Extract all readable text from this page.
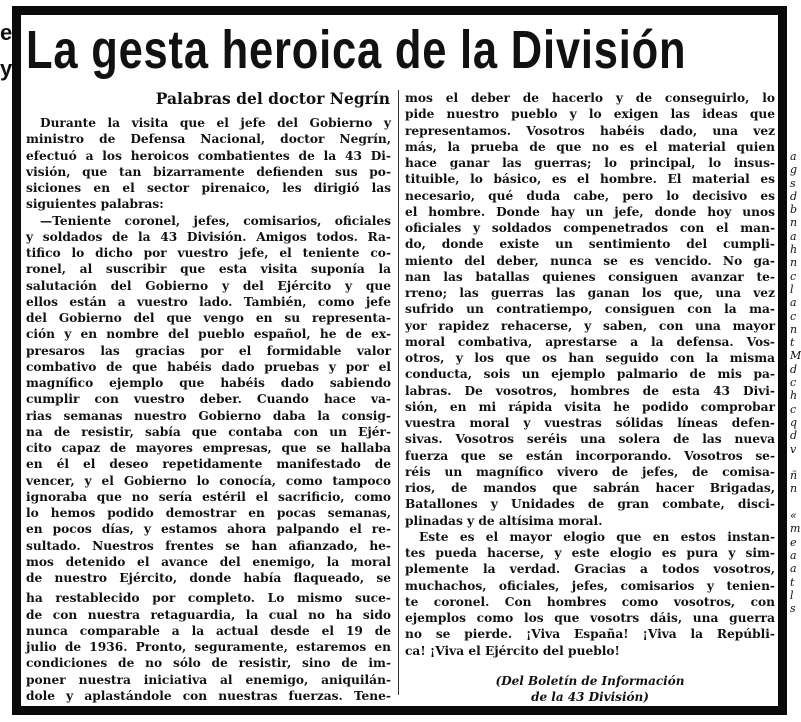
e
y La gesta heroica de la División
Palabras del doctor Negrín
Durante la visita que el jefe del Gobierno y
ministro de Defensa Nacional, doctor Negrín,
efectuó a los heroicos combatientes de la 43 Di-
visión, que tan bizarramente defienden sus po-
siciones en el sector pirenaico, les dirigió las
siguientes palabras:
—Teniente coronel, jefes, comisarios, oficiales
y soldados de la 43 División. Amigos todos. Ra-
tifico lo dicho por vuestro jefe, el teniente co-
ronel, al suscribir que esta visita suponía la
salutación del Gobierno y del Ejército y que
ellos están a vuestro lado. También, como jefe
del Gobierno del que vengo en su representa-
ción y en nombre del pueblo español, he de ex-
presaros las gracias por el formidable valor
combativo de que habéis dado pruebas y por el
magnífico ejemplo que habéis dado sabiendo
cumplir con vuestro deber. Cuando hace va-
rias semanas nuestro Gobierno daba la consig-
na de resistir, sabía que contaba con un Ejér-
cito capaz de mayores empresas, que se hallaba
en él el deseo repetidamente manifestado de
vencer, y el Gobierno lo conocía, como tampoco
ignoraba que no sería estéril el sacrificio, como
lo hemos podido demostrar en pocas semanas,
en pocos días, y estamos ahora palpando el re-
sultado. Nuestros frentes se han afianzado, he-
mos detenido el avance del enemigo, la moral
de nuestro Ejército, donde había flaqueado, se
ha restablecido por completo. Lo mismo suce-
de con nuestra retaguardia, la cual no ha sido
nunca comparable a la actual desde el 19 de
julio de 1936. Pronto, seguramente, estaremos en
condiciones de no sólo de resistir, sino de im-
poner nuestra iniciativa al enemigo, aniquilán-
dole y aplastándole con nuestras fuerzas. Tene-
mos el deber de hacerlo y de conseguirlo, lo
pide nuestro pueblo y lo exigen las ideas que
representamos. Vosotros habéis dado, una vez
más, la prueba de que no es el material quien
hace ganar las guerras; lo principal, lo insus-
tituible, lo básico, es el hombre. El material es
necesario, qué duda cabe, pero lo decisivo es
el hombre. Donde hay un jefe, donde hoy unos
oficiales y soldados compenetrados con el man-
do, donde existe un sentimiento del cumpli-
miento del deber, nunca se es vencido. No ga-
nan las batallas quienes consiguen avanzar te-
rreno; las guerras las ganan los que, una vez
sufrido un contratiempo, consiguen con la ma-
yor rapidez rehacerse, y saben, con una mayor
moral combativa, aprestarse a la defensa. Vos-
otros, y los que os han seguido con la misma
conducta, sois un ejemplo palmario de mis pa-
labras. De vosotros, hombres de esta 43 Divi-
sión, en mi rápida visita he podido comprobar
vuestra moral y vuestras sólidas líneas defen-
sivas. Vosotros seréis una solera de las nueva
fuerza que se están incorporando. Vosotros se-
réis un magnífico vivero de jefes, de comisa-
rios, de mandos que sabrán hacer Brigadas,
Batallones y Unidades de gran combate, disci-
plinadas y de altísima moral.
Este es el mayor elogio que en estos instan-
tes pueda hacerse, y este elogio es pura y sim-
plemente la verdad. Gracias a todos vosotros,
muchachos, oficiales, jefes, comisarios y tenien-
te coronel. Con hombres como vosotros, con
ejemplos como los que vosotrs dáis, una guerra
no se pierde. ¡Viva España! ¡Viva la Repúbli-
ca! ¡Viva el Ejército del pueblo!
(Del Boletín de Información
de la 43 División)
a
g
s
d
b
n
a
h
n
c
l
a
c
n
t
M
d
c
h
c
q
d
v
ñ
n
«
m
e
a
a
t
l
s
